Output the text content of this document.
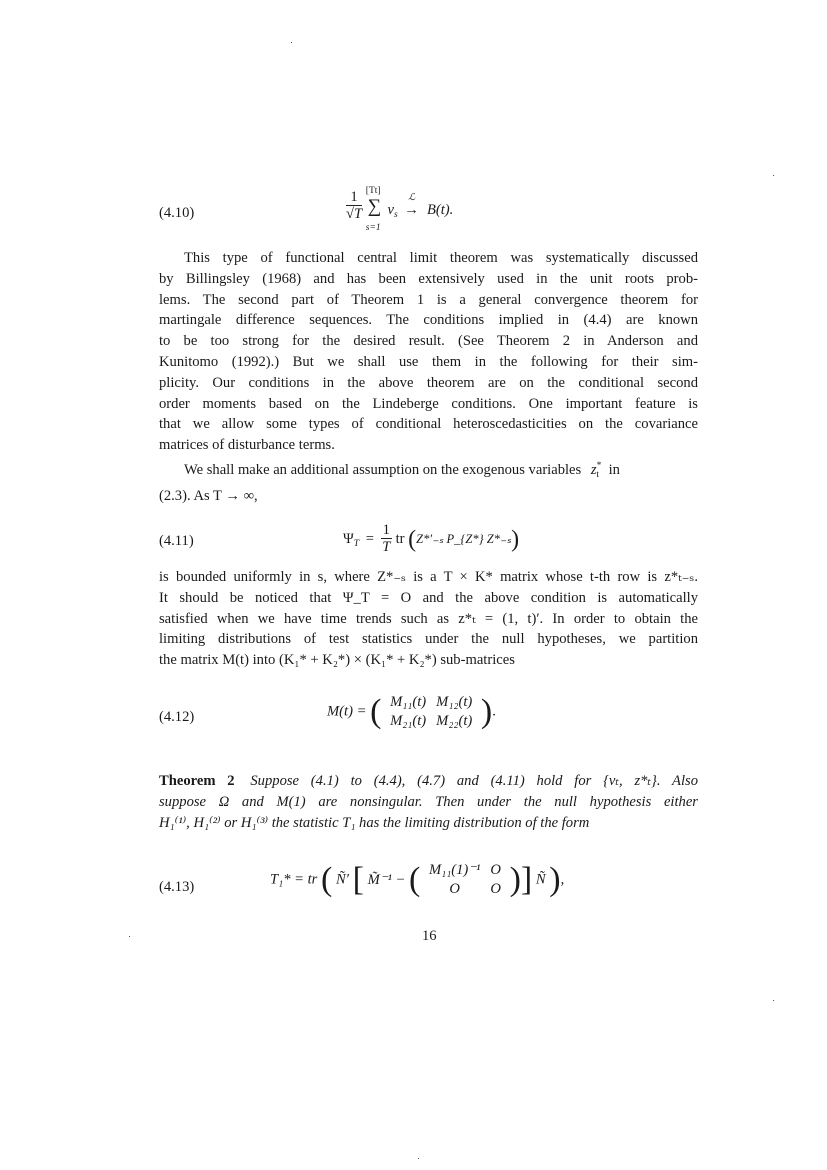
(4.10)	$\frac{1}{√T}$
[Tt]
∑
s=1
$v_s$
ℒ
→ B(t).
This type of functional central limit theorem was systematically discussed
by Billingsley (1968) and has been extensively used in the unit roots prob-
lems. The second part of Theorem 1 is a general convergence theorem for
martingale difference sequences. The conditions implied in (4.4) are known
to be too strong for the desired result. (See Theorem 2 in Anderson and
Kunitomo (1992).) But we shall use them in the following for their sim-
plicity. Our conditions in the above theorem are on the conditional second
order moments based on the Lindeberge conditions. One important feature is
that we allow some types of conditional heteroscedasticities on the covariance
matrices of disturbance terms.
We shall make an additional assumption on the exogenous variables $z^*_t$ in
(2.3). As T → ∞,
(4.11)	$\Psi_T = \frac{1}{T}$ tr (Z*′₋ₛ P_{Z*} Z*₋ₛ)
is bounded uniformly in s, where Z*₋ₛ is a T × K* matrix whose t-th row is z*ₜ₋ₛ.
It should be noticed that Ψ_T = O and the above condition is automatically
satisfied when we have time trends such as z*ₜ = (1, t)′. In order to obtain the
limiting distributions of test statistics under the null hypotheses, we partition
the matrix M(t) into (K₁* + K₂*) × (K₁* + K₂*) sub-matrices
(4.12)	M(t) = ( M₁₁(t)	M₁₂(t)
M₂₁(t)	M₂₂(t) ).
Theorem 2 Suppose (4.1) to (4.4), (4.7) and (4.11) hold for {vₜ, z*ₜ}. Also
suppose Ω and M(1) are nonsingular. Then under the null hypothesis either
H₁⁽¹⁾, H₁⁽²⁾ or H₁⁽³⁾ the statistic T₁ has the limiting distribution of the form
(4.13)	T₁* = tr ( Ñ′ [ M̃⁻¹ − ( M₁₁(1)⁻¹	O
O	O )] Ñ ),
16
